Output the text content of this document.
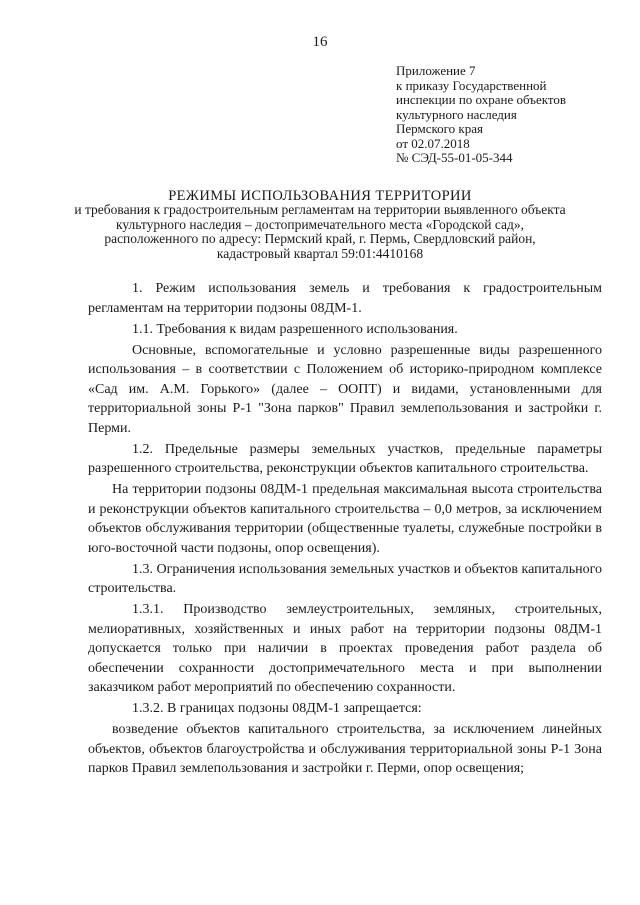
16
Приложение 7
к приказу Государственной
инспекции по охране объектов
культурного наследия
Пермского края
от 02.07.2018
№ СЭД-55-01-05-344
РЕЖИМЫ ИСПОЛЬЗОВАНИЯ ТЕРРИТОРИИ
и требования к градостроительным регламентам на территории выявленного объекта культурного наследия – достопримечательного места «Городской сад», расположенного по адресу: Пермский край, г. Пермь, Свердловский район, кадастровый квартал 59:01:4410168

1. Режим использования земель и требования к градостроительным регламентам на территории подзоны 08ДМ-1.

1.1. Требования к видам разрешенного использования.

Основные, вспомогательные и условно разрешенные виды разрешенного использования – в соответствии с Положением об историко-природном комплексе «Сад им. А.М. Горького» (далее – ООПТ) и видами, установленными для территориальной зоны Р-1 "Зона парков" Правил землепользования и застройки г. Перми.

1.2. Предельные размеры земельных участков, предельные параметры разрешенного строительства, реконструкции объектов капитального строительства.

На территории подзоны 08ДМ-1 предельная максимальная высота строительства и реконструкции объектов капитального строительства – 0,0 метров, за исключением объектов обслуживания территории (общественные туалеты, служебные постройки в юго-восточной части подзоны, опор освещения).

1.3. Ограничения использования земельных участков и объектов капитального строительства.

1.3.1. Производство землеустроительных, земляных, строительных, мелиоративных, хозяйственных и иных работ на территории подзоны 08ДМ-1 допускается только при наличии в проектах проведения работ раздела об обеспечении сохранности достопримечательного места и при выполнении заказчиком работ мероприятий по обеспечению сохранности.

1.3.2. В границах подзоны 08ДМ-1 запрещается:

возведение объектов капитального строительства, за исключением линейных объектов, объектов благоустройства и обслуживания территориальной зоны Р-1 Зона парков Правил землепользования и застройки г. Перми, опор освещения;
